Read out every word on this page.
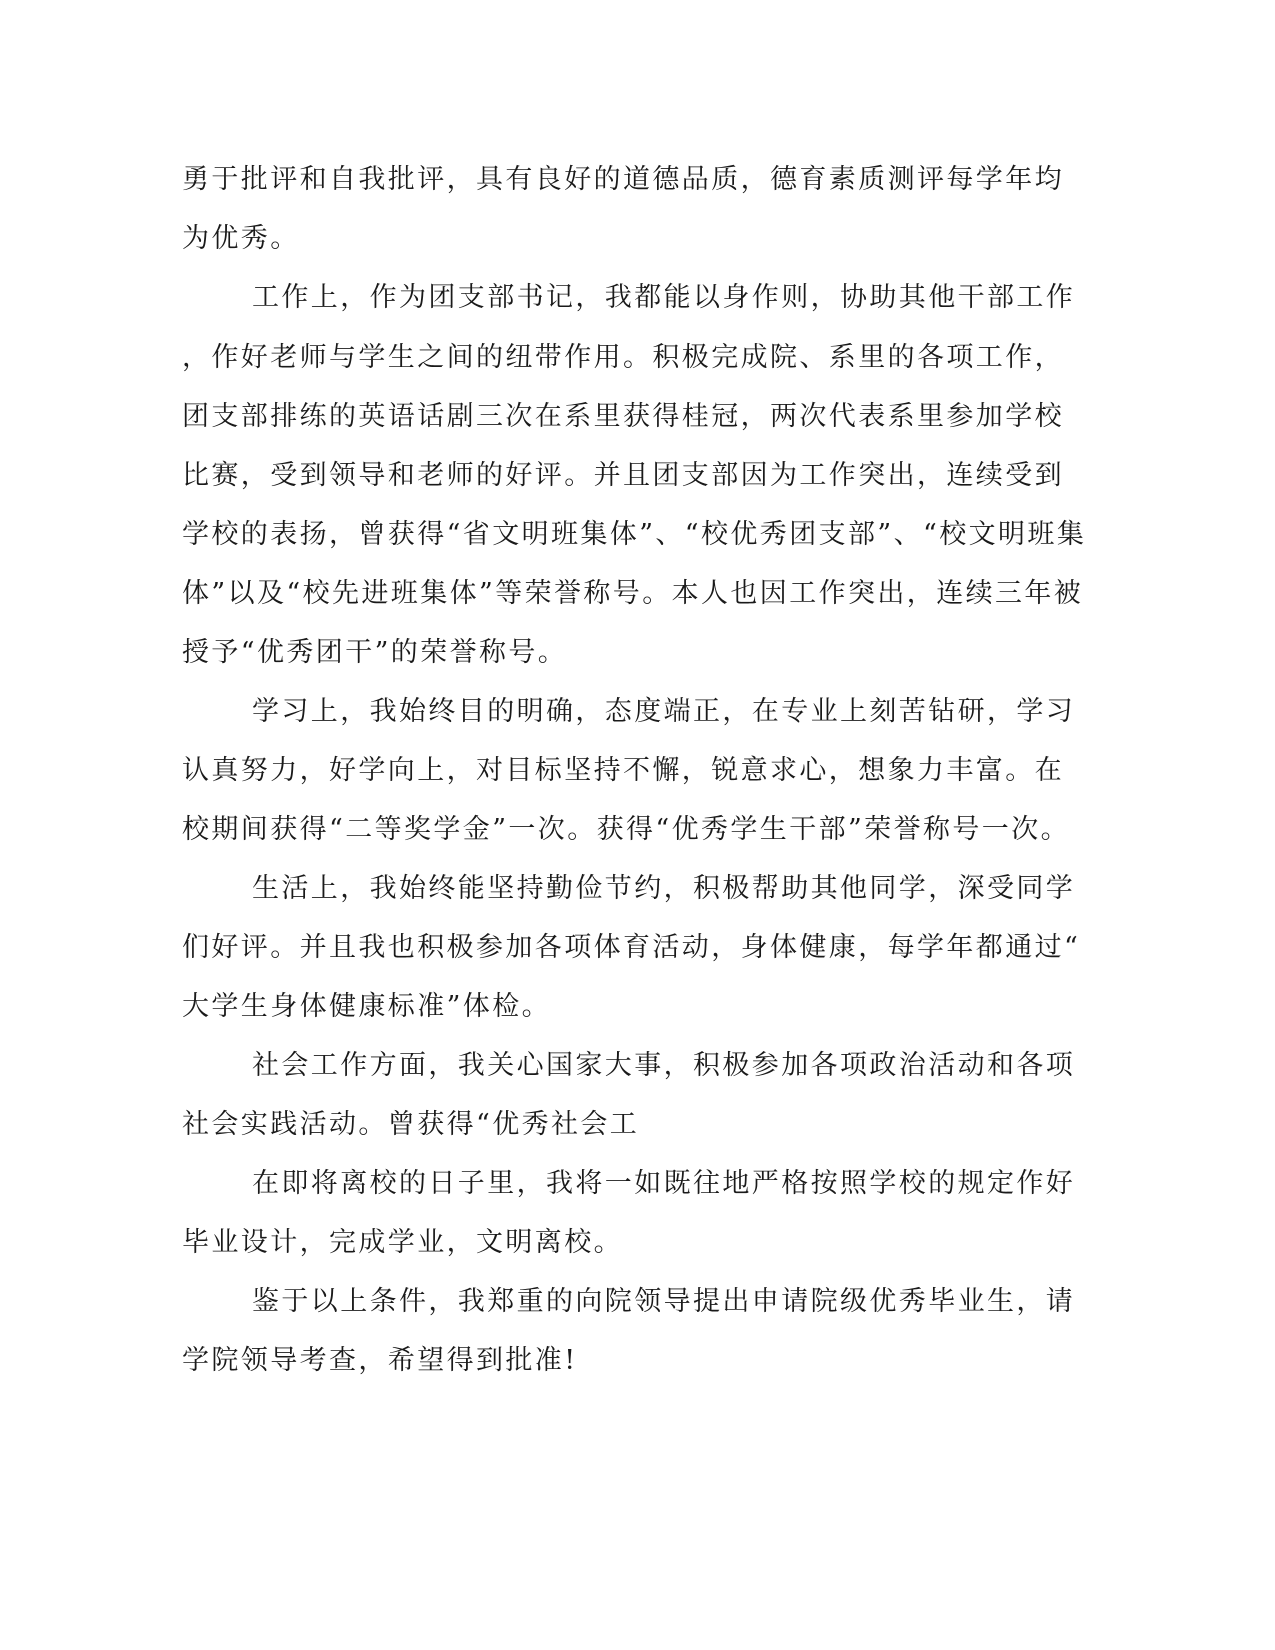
勇于批评和自我批评，具有良好的道德品质，德育素质测评每学年均
为优秀。
工作上，作为团支部书记，我都能以身作则，协助其他干部工作
，作好老师与学生之间的纽带作用。积极完成院、系里的各项工作，
团支部排练的英语话剧三次在系里获得桂冠，两次代表系里参加学校
比赛，受到领导和老师的好评。并且团支部因为工作突出，连续受到
学校的表扬，曾获得“省文明班集体”、“校优秀团支部”、“校文明班集
体”以及“校先进班集体”等荣誉称号。本人也因工作突出，连续三年被
授予“优秀团干”的荣誉称号。
学习上，我始终目的明确，态度端正，在专业上刻苦钻研，学习
认真努力，好学向上，对目标坚持不懈，锐意求心，想象力丰富。在
校期间获得“二等奖学金”一次。获得“优秀学生干部”荣誉称号一次。
生活上，我始终能坚持勤俭节约，积极帮助其他同学，深受同学
们好评。并且我也积极参加各项体育活动，身体健康，每学年都通过“
大学生身体健康标准”体检。
社会工作方面，我关心国家大事，积极参加各项政治活动和各项
社会实践活动。曾获得“优秀社会工
在即将离校的日子里，我将一如既往地严格按照学校的规定作好
毕业设计，完成学业，文明离校。
鉴于以上条件，我郑重的向院领导提出申请院级优秀毕业生，请
学院领导考查，希望得到批准!
